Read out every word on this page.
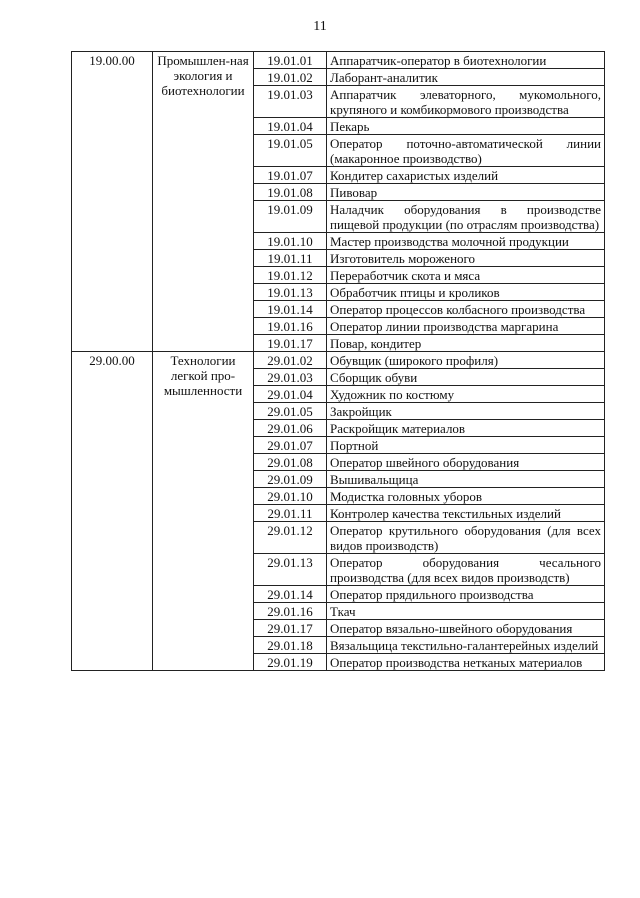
11
19.00.00	Промышлен-ная экология и биотехнологии	19.01.01	Аппаратчик-оператор в биотехнологии
		19.01.02	Лаборант-аналитик
		19.01.03	Аппаратчик элеваторного, мукомольного, крупяного и комбикормового производства
		19.01.04	Пекарь
		19.01.05	Оператор поточно-автоматической линии (макаронное производство)
		19.01.07	Кондитер сахаристых изделий
		19.01.08	Пивовар
		19.01.09	Наладчик оборудования в производстве пищевой продукции (по отраслям производства)
		19.01.10	Мастер производства молочной продукции
		19.01.11	Изготовитель мороженого
		19.01.12	Переработчик скота и мяса
		19.01.13	Обработчик птицы и кроликов
		19.01.14	Оператор процессов колбасного производства
		19.01.16	Оператор линии производства маргарина
		19.01.17	Повар, кондитер
29.00.00	Технологии легкой про-мышленности	29.01.02	Обувщик (широкого профиля)
		29.01.03	Сборщик обуви
		29.01.04	Художник по костюму
		29.01.05	Закройщик
		29.01.06	Раскройщик материалов
		29.01.07	Портной
		29.01.08	Оператор швейного оборудования
		29.01.09	Вышивальщица
		29.01.10	Модистка головных уборов
		29.01.11	Контролер качества текстильных изделий
		29.01.12	Оператор крутильного оборудования (для всех видов производств)
		29.01.13	Оператор оборудования чесального производства (для всех видов производств)
		29.01.14	Оператор прядильного производства
		29.01.16	Ткач
		29.01.17	Оператор вязально-швейного оборудования
		29.01.18	Вязальщица текстильно-галантерейных изделий
		29.01.19	Оператор производства нетканых материалов
